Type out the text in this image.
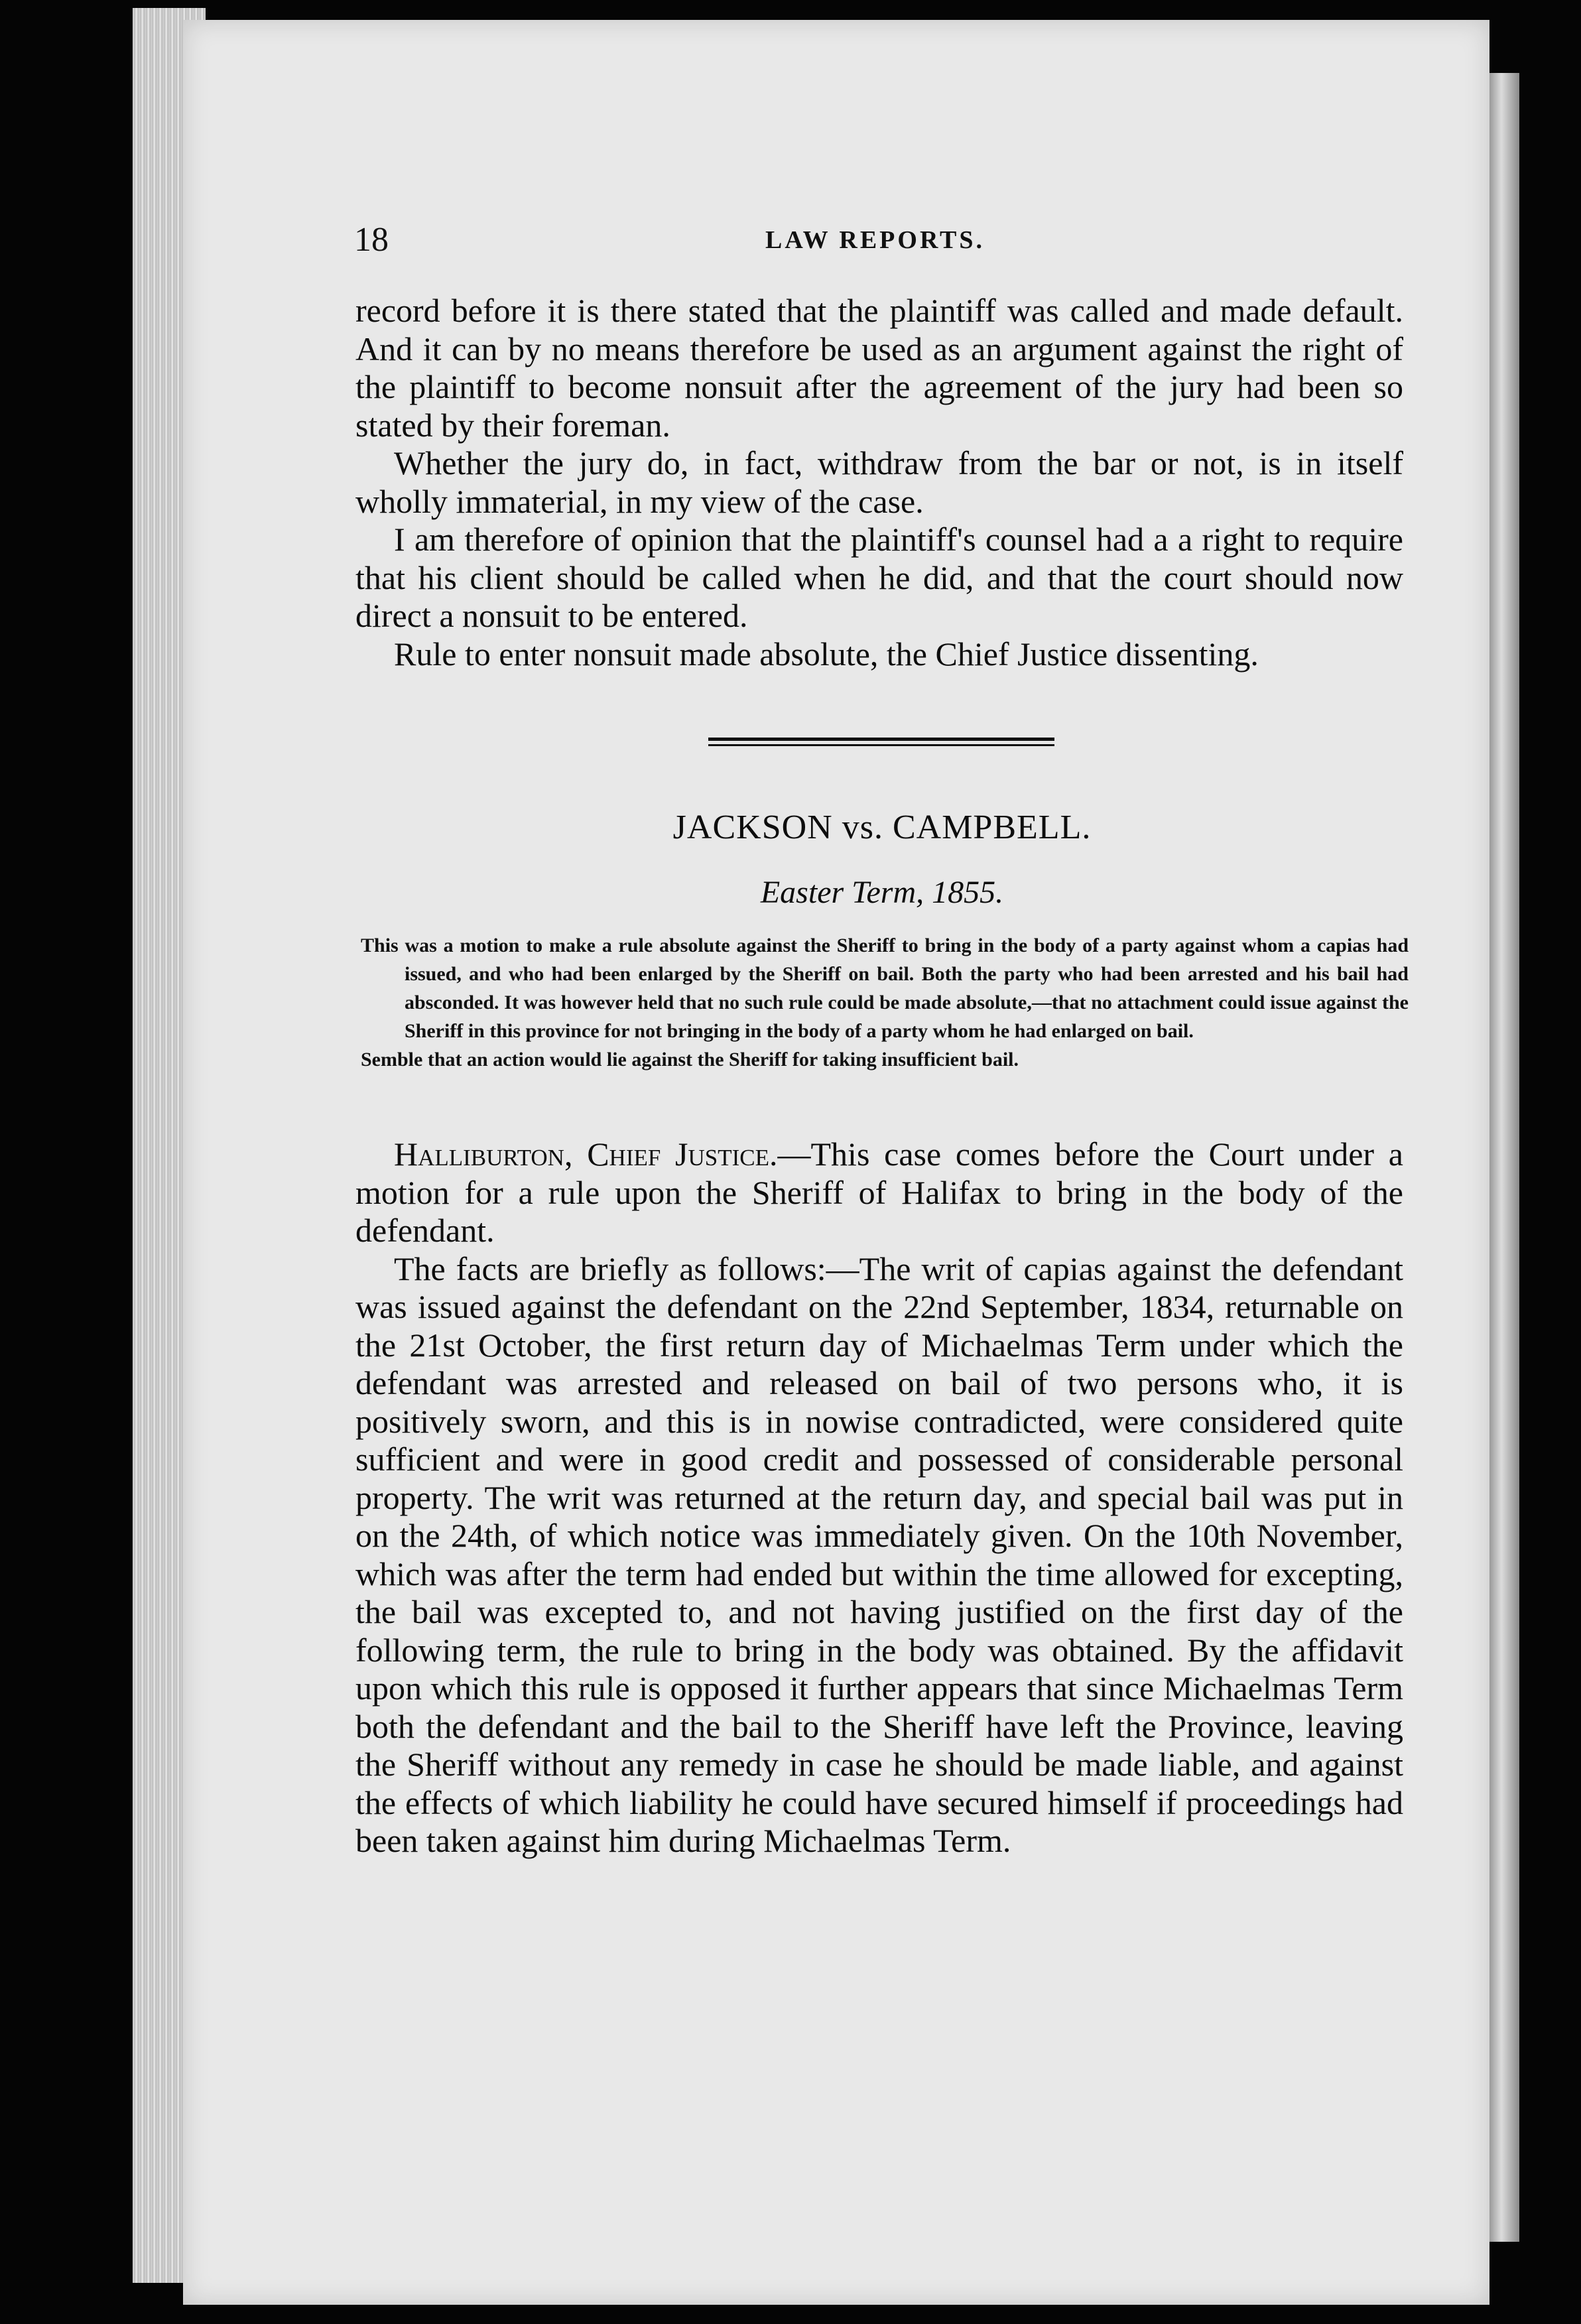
18	LAW REPORTS.

record before it is there stated that the plaintiff was called and made default. And it can by no means therefore be used as an argument against the right of the plaintiff to become nonsuit after the agreement of the jury had been so stated by their foreman.

Whether the jury do, in fact, withdraw from the bar or not, is in itself wholly immaterial, in my view of the case.

I am therefore of opinion that the plaintiff's counsel had a a right to require that his client should be called when he did, and that the court should now direct a nonsuit to be entered.

Rule to enter nonsuit made absolute, the Chief Justice dissenting.

JACKSON vs. CAMPBELL.
Easter Term, 1855.

This was a motion to make a rule absolute against the Sheriff to bring in the body of a party against whom a capias had issued, and who had been enlarged by the Sheriff on bail. Both the party who had been arrested and his bail had absconded. It was however held that no such rule could be made absolute,—that no attachment could issue against the Sheriff in this province for not bringing in the body of a party whom he had enlarged on bail.

Semble that an action would lie against the Sheriff for taking insufficient bail.

Halliburton, Chief Justice.—This case comes before the Court under a motion for a rule upon the Sheriff of Halifax to bring in the body of the defendant.

The facts are briefly as follows:—The writ of capias against the defendant was issued against the defendant on the 22nd September, 1834, returnable on the 21st October, the first return day of Michaelmas Term under which the defendant was arrested and released on bail of two persons who, it is positively sworn, and this is in nowise contradicted, were considered quite sufficient and were in good credit and possessed of considerable personal property. The writ was returned at the return day, and special bail was put in on the 24th, of which notice was immediately given. On the 10th November, which was after the term had ended but within the time allowed for excepting, the bail was excepted to, and not having justified on the first day of the following term, the rule to bring in the body was obtained. By the affidavit upon which this rule is opposed it further appears that since Michaelmas Term both the defendant and the bail to the Sheriff have left the Province, leaving the Sheriff without any remedy in case he should be made liable, and against the effects of which liability he could have secured himself if proceedings had been taken against him during Michaelmas Term.
